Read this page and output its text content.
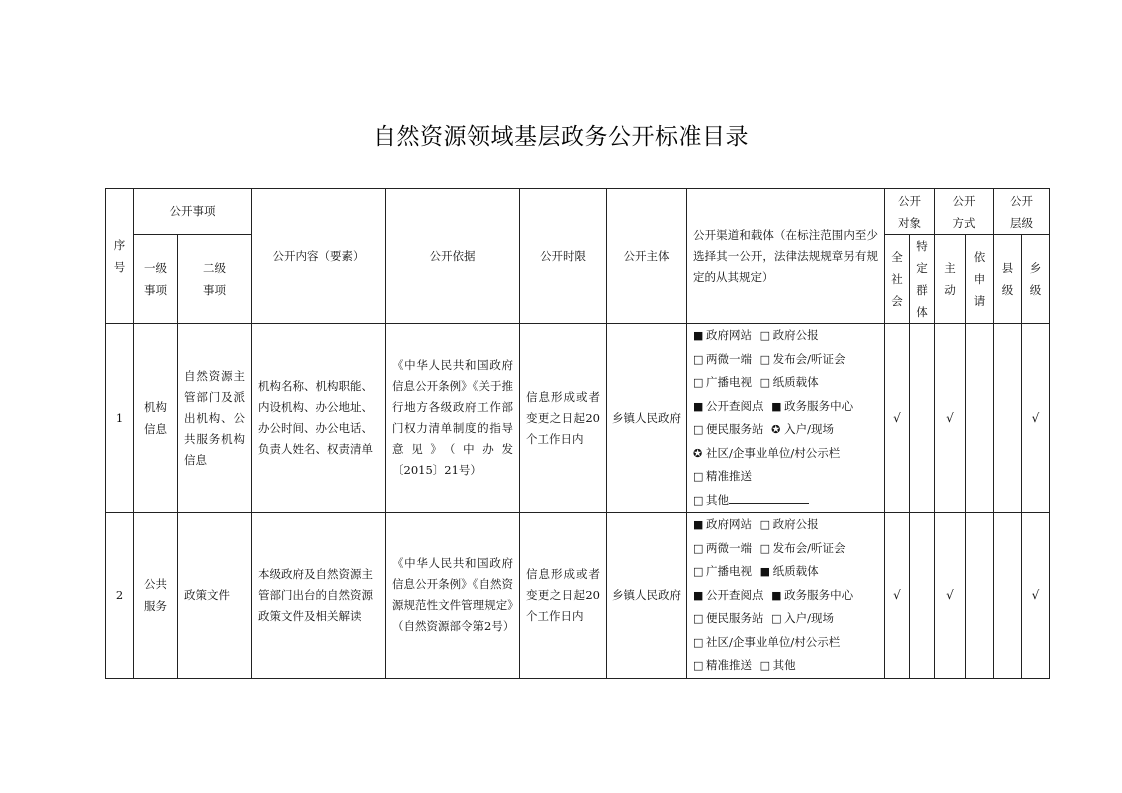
自然资源领域基层政务公开标准目录
序号	公开事项		公开内容（要素）	公开依据	公开时限	公开主体	公开渠道和载体（在标注范围内至少选择其一公开，法律法规规章另有规定的从其规定）	公开对象		公开方式		公开层级	
	一级事项	二级事项						全社会	特定群体	主动	依申请	县级	乡级
1	机构信息	自然资源主管部门及派出机构、公共服务机构信息	机构名称、机构职能、内设机构、办公地址、办公时间、办公电话、负责人姓名、权责清单	《中华人民共和国政府信息公开条例》《关于推行地方各级政府工作部门权力清单制度的指导意见》（中办发〔2015〕21号）	信息形成或者变更之日起20个工作日内	乡镇人民政府	■ 政府网站 □ 政府公报 □ 两微一端 □ 发布会/听证会 □ 广播电视 □ 纸质载体 ■ 公开查阅点 ■ 政务服务中心 □ 便民服务站 ✪ 入户/现场 ✪ 社区/企事业单位/村公示栏 □ 精准推送 □ 其他	√		√			√
2	公共服务	政策文件	本级政府及自然资源主管部门出台的自然资源政策文件及相关解读	《中华人民共和国政府信息公开条例》《自然资源规范性文件管理规定》（自然资源部令第2号）	信息形成或者变更之日起20个工作日内	乡镇人民政府	■ 政府网站 □ 政府公报 □ 两微一端 □ 发布会/听证会 □ 广播电视 ■ 纸质载体 ■ 公开查阅点 ■ 政务服务中心 □ 便民服务站 □ 入户/现场 □ 社区/企事业单位/村公示栏 □ 精准推送 □ 其他	√		√			√
